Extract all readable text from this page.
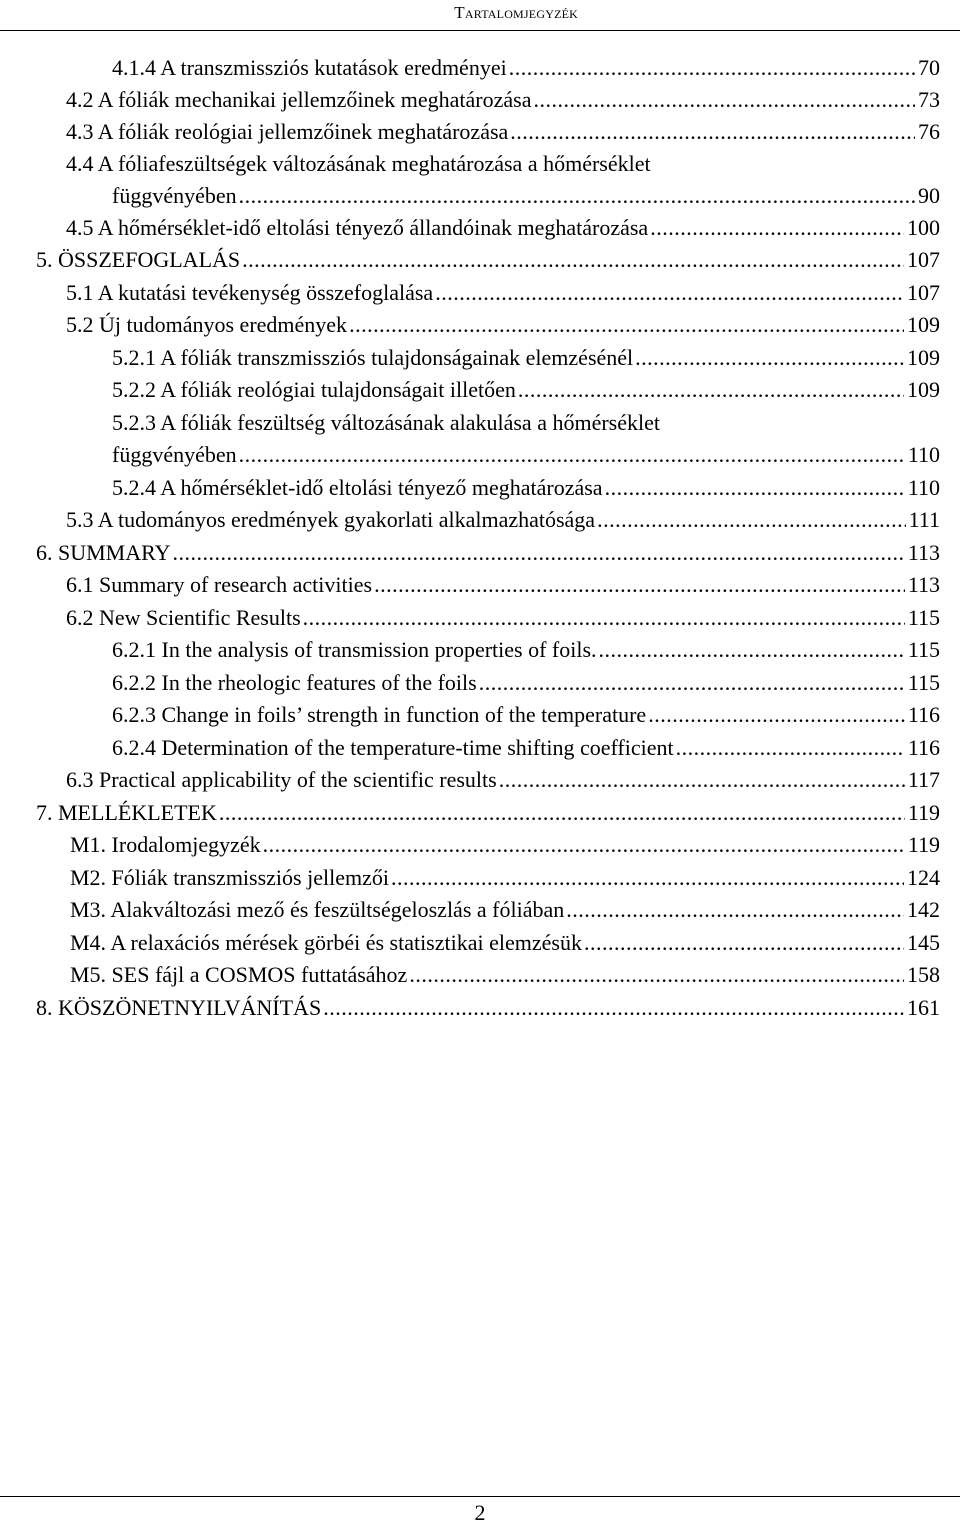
Tartalomjegyzék
4.1.4 A transzmissziós kutatások eredményei .....	70
4.2 A fóliák mechanikai jellemzőinek meghatározása .....	73
4.3 A fóliák reológiai jellemzőinek meghatározása .....	76
4.4 A fóliafeszültségek változásának meghatározása a hőmérséklet
függvényében .....	90
4.5 A hőmérséklet-idő eltolási tényező állandóinak meghatározása .....	100
5. ÖSSZEFOGLALÁS .....	107
5.1 A kutatási tevékenység összefoglalása .....	107
5.2 Új tudományos eredmények .....	109
5.2.1 A fóliák transzmissziós tulajdonságainak elemzésénél .....	109
5.2.2 A fóliák reológiai tulajdonságait illetően .....	109
5.2.3 A fóliák feszültség változásának alakulása a hőmérséklet
függvényében .....	110
5.2.4 A hőmérséklet-idő eltolási tényező meghatározása .....	110
5.3 A tudományos eredmények gyakorlati alkalmazhatósága .....	111
6. SUMMARY .....	113
6.1 Summary of research activities .....	113
6.2 New Scientific Results .....	115
6.2.1 In the analysis of transmission properties of foils. .....	115
6.2.2 In the rheologic features of the foils .....	115
6.2.3 Change in foils’ strength in function of the temperature .....	116
6.2.4 Determination of the temperature-time shifting coefficient .....	116
6.3 Practical applicability of the scientific results .....	117
7. MELLÉKLETEK .....	119
M1. Irodalomjegyzék .....	119
M2. Fóliák transzmissziós jellemzői .....	124
M3. Alakváltozási mező és feszültségeloszlás a fóliában .....	142
M4. A relaxációs mérések görbéi és statisztikai elemzésük .....	145
M5. SES fájl a COSMOS futtatásához .....	158
8. KÖSZÖNETNYILVÁNÍTÁS .....	161
2
